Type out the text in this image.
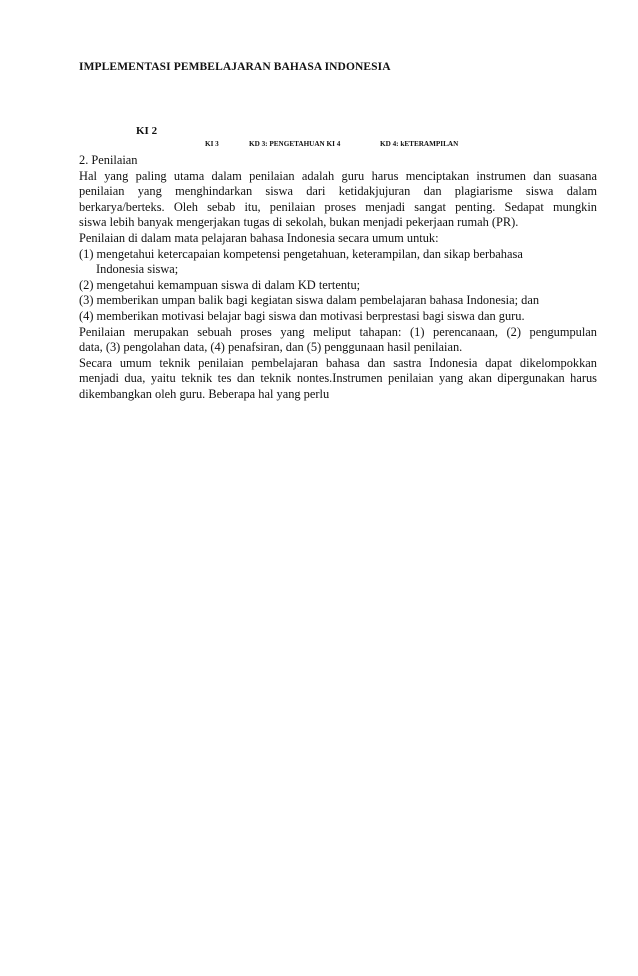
IMPLEMENTASI PEMBELAJARAN BAHASA INDONESIA
KI 2
KI 3	KD 3: PENGETAHUAN KI 4	KD 4: kETERAMPILAN

2. Penilaian

Hal yang paling utama dalam penilaian adalah guru harus menciptakan instrumen dan suasana

penilaian yang menghindarkan siswa dari ketidakjujuran dan plagiarisme siswa dalam

berkarya/berteks. Oleh sebab itu, penilaian proses menjadi sangat penting. Sedapat mungkin

siswa lebih banyak mengerjakan tugas di sekolah, bukan menjadi pekerjaan rumah (PR).

Penilaian di dalam mata pelajaran bahasa Indonesia secara umum untuk:

(1) mengetahui ketercapaian kompetensi pengetahuan, keterampilan, dan sikap berbahasa

Indonesia siswa;

(2) mengetahui kemampuan siswa di dalam KD tertentu;

(3) memberikan umpan balik bagi kegiatan siswa dalam pembelajaran bahasa Indonesia; dan

(4) memberikan motivasi belajar bagi siswa dan motivasi berprestasi bagi siswa dan guru.

Penilaian merupakan sebuah proses yang meliput tahapan: (1) perencanaan, (2) pengumpulan

data, (3) pengolahan data, (4) penafsiran, dan (5) penggunaan hasil penilaian.

Secara umum teknik penilaian pembelajaran bahasa dan sastra Indonesia dapat dikelompokkan

menjadi dua, yaitu teknik tes dan teknik nontes.Instrumen penilaian yang akan dipergunakan harus

dikembangkan oleh guru. Beberapa hal yang perlu
